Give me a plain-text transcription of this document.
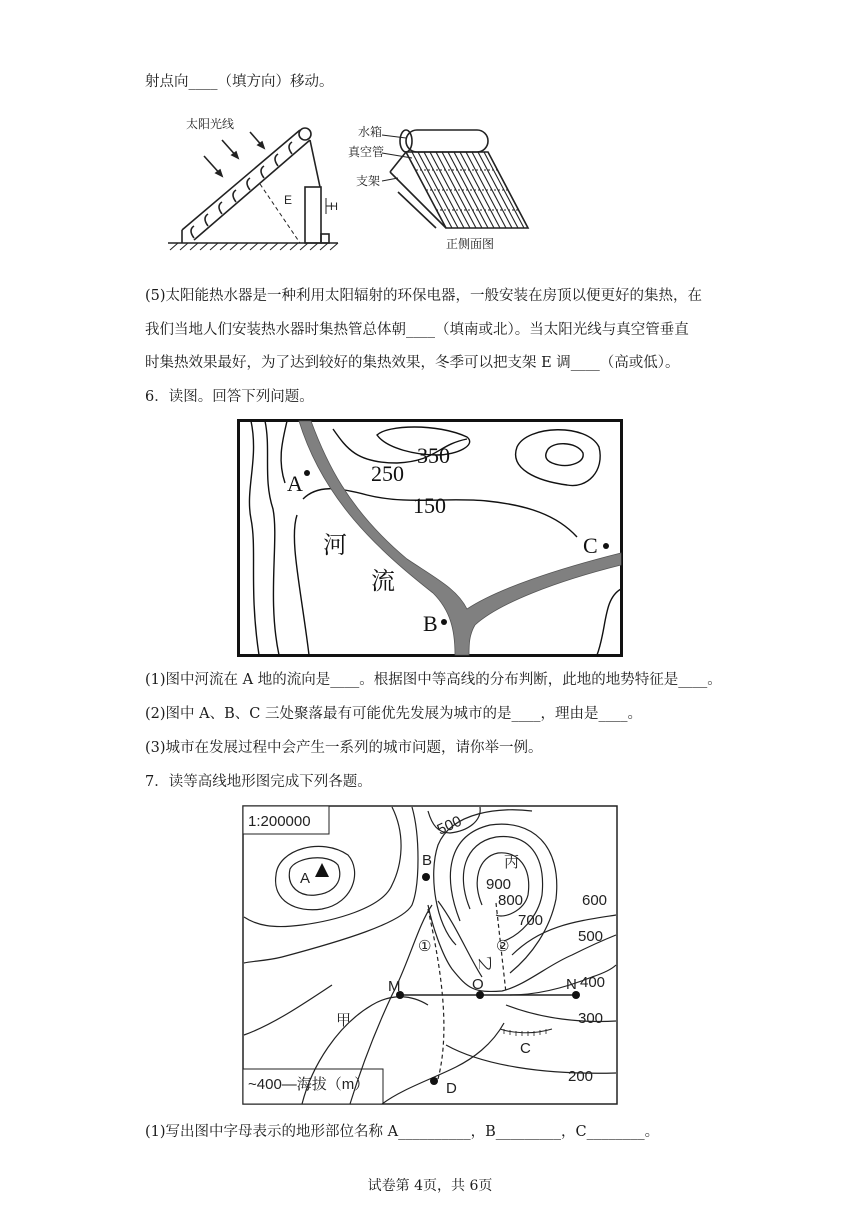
射点向____（填方向）移动。
太阳光线
E	H
水箱
真空管
支架
正侧面图
(5)太阳能热水器是一种利用太阳辐射的环保电器，一般安装在房顶以便更好的集热，在
我们当地人们安装热水器时集热管总体朝____（填南或北）。当太阳光线与真空管垂直
时集热效果最好，为了达到较好的集热效果，冬季可以把支架 E 调____（高或低）。
6．读图。回答下列问题。
350
250
150
A
B
C
河
流
(1)图中河流在 A 地的流向是____。根据图中等高线的分布判断，此地的地势特征是____。
(2)图中 A、B、C 三处聚落最有可能优先发展为城市的是____，理由是____。
(3)城市在发展过程中会产生一系列的城市问题，请你举一例。
7．读等高线地形图完成下列各题。
1:200000
~400—海拔（m）
500
900
800
700
600
500
400
300
200
A
B
C
D
M	N
O
丙
甲
乙
①	②
(1)写出图中字母表示的地形部位名称 A__________，B_________，C________。
试卷第 4页，共 6页
